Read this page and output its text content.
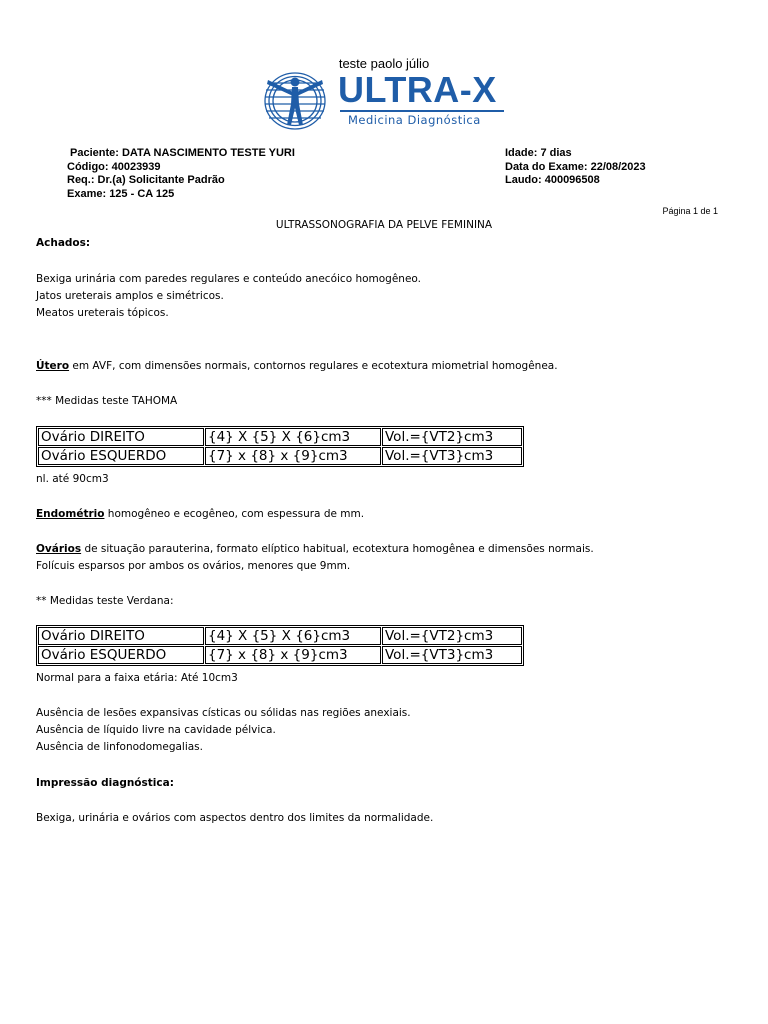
teste paolo júlio
ULTRA-X
Medicina Diagnóstica
Paciente: DATA NASCIMENTO TESTE YURI
Código: 40023939
Req.: Dr.(a) Solicitante Padrão
Exame: 125 - CA 125
Idade: 7 dias
Data do Exame: 22/08/2023
Laudo: 400096508
Página 1 de 1
ULTRASSONOGRAFIA DA PELVE FEMININA
Achados:
Bexiga urinária com paredes regulares e conteúdo anecóico homogêneo.
Jatos ureterais amplos e simétricos.
Meatos ureterais tópicos.
Útero em AVF, com dimensões normais, contornos regulares e ecotextura miometrial homogênea.
*** Medidas teste TAHOMA
Ovário DIREITO	{4} X {5} X {6}cm3	Vol.={VT2}cm3
Ovário ESQUERDO	{7} x {8} x {9}cm3	Vol.={VT3}cm3
nl. até 90cm3
Endométrio homogêneo e ecogêneo, com espessura de mm.
Ovários de situação parauterina, formato elíptico habitual, ecotextura homogênea e dimensões normais.
Folícuis esparsos por ambos os ovários, menores que 9mm.
** Medidas teste Verdana:
Ovário DIREITO	{4} X {5} X {6}cm3	Vol.={VT2}cm3
Ovário ESQUERDO	{7} x {8} x {9}cm3	Vol.={VT3}cm3
Normal para a faixa etária: Até 10cm3
Ausência de lesões expansivas císticas ou sólidas nas regiões anexiais.
Ausência de líquido livre na cavidade pélvica.
Ausência de linfonodomegalias.
Impressão diagnóstica:
Bexiga, urinária e ovários com aspectos dentro dos limites da normalidade.
